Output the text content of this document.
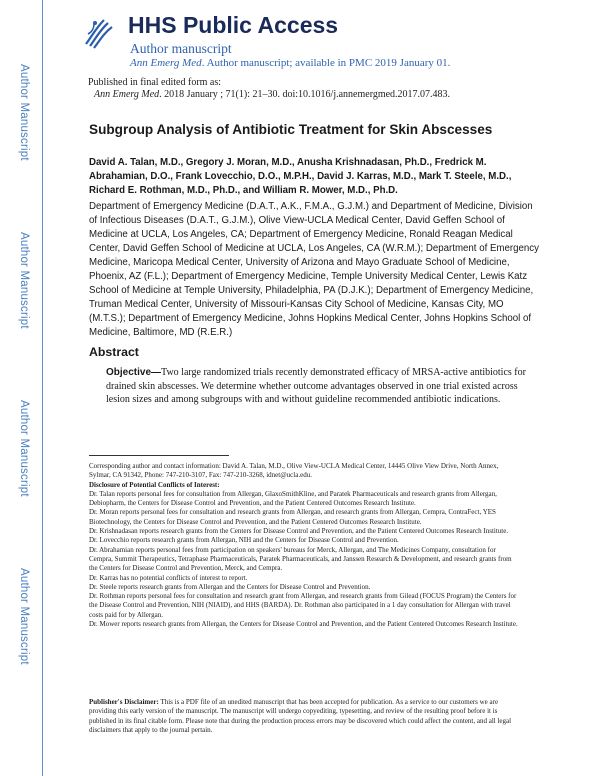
Author Manuscript
Author Manuscript
Author Manuscript
Author Manuscript
HHS Public Access
Author manuscript
Ann Emerg Med. Author manuscript; available in PMC 2019 January 01.
Published in final edited form as:
Ann Emerg Med. 2018 January ; 71(1): 21–30. doi:10.1016/j.annemergmed.2017.07.483.
Subgroup Analysis of Antibiotic Treatment for Skin Abscesses
David A. Talan, M.D., Gregory J. Moran, M.D., Anusha Krishnadasan, Ph.D., Fredrick M. Abrahamian, D.O., Frank Lovecchio, D.O., M.P.H., David J. Karras, M.D., Mark T. Steele, M.D., Richard E. Rothman, M.D., Ph.D., and William R. Mower, M.D., Ph.D.
Department of Emergency Medicine (D.A.T., A.K., F.M.A., G.J.M.) and Department of Medicine, Division of Infectious Diseases (D.A.T., G.J.M.), Olive View-UCLA Medical Center, David Geffen School of Medicine at UCLA, Los Angeles, CA; Department of Emergency Medicine, Ronald Reagan Medical Center, David Geffen School of Medicine at UCLA, Los Angeles, CA (W.R.M.); Department of Emergency Medicine, Maricopa Medical Center, University of Arizona and Mayo Graduate School of Medicine, Phoenix, AZ (F.L.); Department of Emergency Medicine, Temple University Medical Center, Lewis Katz School of Medicine at Temple University, Philadelphia, PA (D.J.K.); Department of Emergency Medicine, Truman Medical Center, University of Missouri-Kansas City School of Medicine, Kansas City, MO (M.T.S.); Department of Emergency Medicine, Johns Hopkins Medical Center, Johns Hopkins School of Medicine, Baltimore, MD (R.E.R.)
Abstract
Objective—Two large randomized trials recently demonstrated efficacy of MRSA-active antibiotics for drained skin abscesses. We determine whether outcome advantages observed in one trial existed across lesion sizes and among subgroups with and without guideline recommended antibiotic indications.

Corresponding author and contact information: David A. Talan, M.D., Olive View-UCLA Medical Center, 14445 Olive View Drive, North Annex, Sylmar, CA 91342, Phone: 747-210-3107, Fax: 747-210-3268, idnet@ucla.edu.

Disclosure of Potential Conflicts of Interest:

Dr. Talan reports personal fees for consultation from Allergan, GlaxoSmithKline, and Paratek Pharmaceuticals and research grants from Allergan, Debiopharm, the Centers for Disease Control and Prevention, and the Patient Centered Outcomes Research Institute.

Dr. Moran reports personal fees for consultation and research grants from Allergan, and research grants from Allergan, Cempra, ContraFect, YES Biotechnology, the Centers for Disease Control and Prevention, and the Patient Centered Outcomes Research Institute.

Dr. Krishnadasan reports research grants from the Centers for Disease Control and Prevention, and the Patient Centered Outcomes Research Institute.

Dr. Lovecchio reports research grants from Allergan, NIH and the Centers for Disease Control and Prevention.

Dr. Abrahamian reports personal fees from participation on speakers' bureaus for Merck, Allergan, and The Medicines Company, consultation for Cempra, Summit Therapeutics, Tetraphase Pharmaceuticals, Paratek Pharmaceuticals, and Janssen Research & Development, and research grants from the Centers for Disease Control and Prevention, Merck, and Cempra.

Dr. Karras has no potential conflicts of interest to report.

Dr. Steele reports research grants from Allergan and the Centers for Disease Control and Prevention.

Dr. Rothman reports personal fees for consultation and research grant from Allergan, and research grants from Gilead (FOCUS Program) the Centers for the Disease Control and Prevention, NIH (NIAID), and HHS (BARDA). Dr. Rothman also participated in a 1 day consultation for Allergan with travel costs paid for by Allergan.

Dr. Mower reports research grants from Allergan, the Centers for Disease Control and Prevention, and the Patient Centered Outcomes Research Institute.

Publisher's Disclaimer: This is a PDF file of an unedited manuscript that has been accepted for publication. As a service to our customers we are providing this early version of the manuscript. The manuscript will undergo copyediting, typesetting, and review of the resulting proof before it is published in its final citable form. Please note that during the production process errors may be discovered which could affect the content, and all legal disclaimers that apply to the journal pertain.
